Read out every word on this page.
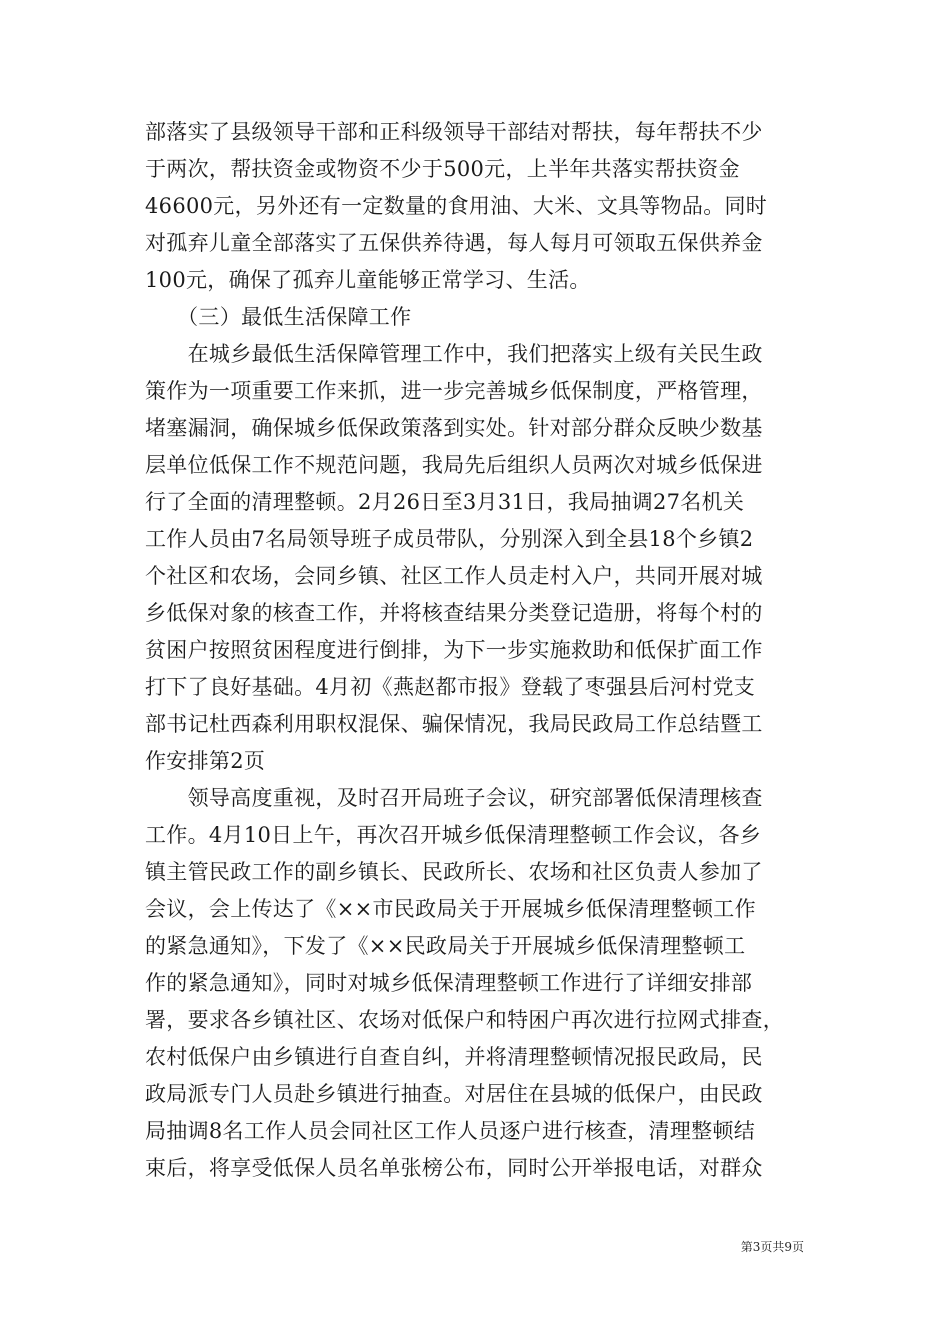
部落实了县级领导干部和正科级领导干部结对帮扶，每年帮扶不少
于两次，帮扶资金或物资不少于500元，上半年共落实帮扶资金
46600元，另外还有一定数量的食用油、大米、文具等物品。同时
对孤弃儿童全部落实了五保供养待遇，每人每月可领取五保供养金
100元，确保了孤弃儿童能够正常学习、生活。
　　（三）最低生活保障工作
　　在城乡最低生活保障管理工作中，我们把落实上级有关民生政
策作为一项重要工作来抓，进一步完善城乡低保制度，严格管理，
堵塞漏洞，确保城乡低保政策落到实处。针对部分群众反映少数基
层单位低保工作不规范问题，我局先后组织人员两次对城乡低保进
行了全面的清理整顿。2月26日至3月31日，我局抽调27名机关
工作人员由7名局领导班子成员带队，分别深入到全县18个乡镇2
个社区和农场，会同乡镇、社区工作人员走村入户，共同开展对城
乡低保对象的核查工作，并将核查结果分类登记造册，将每个村的
贫困户按照贫困程度进行倒排，为下一步实施救助和低保扩面工作
打下了良好基础。4月初《燕赵都市报》登载了枣强县后河村党支
部书记杜西森利用职权混保、骗保情况，我局民政局工作总结暨工
作安排第2页
　　领导高度重视，及时召开局班子会议，研究部署低保清理核查
工作。4月10日上午，再次召开城乡低保清理整顿工作会议，各乡
镇主管民政工作的副乡镇长、民政所长、农场和社区负责人参加了
会议，会上传达了《××市民政局关于开展城乡低保清理整顿工作
的紧急通知》，下发了《××民政局关于开展城乡低保清理整顿工
作的紧急通知》，同时对城乡低保清理整顿工作进行了详细安排部
署，要求各乡镇社区、农场对低保户和特困户再次进行拉网式排查，
农村低保户由乡镇进行自查自纠，并将清理整顿情况报民政局，民
政局派专门人员赴乡镇进行抽查。对居住在县城的低保户，由民政
局抽调8名工作人员会同社区工作人员逐户进行核查，清理整顿结
束后，将享受低保人员名单张榜公布，同时公开举报电话，对群众
第3页共9页
